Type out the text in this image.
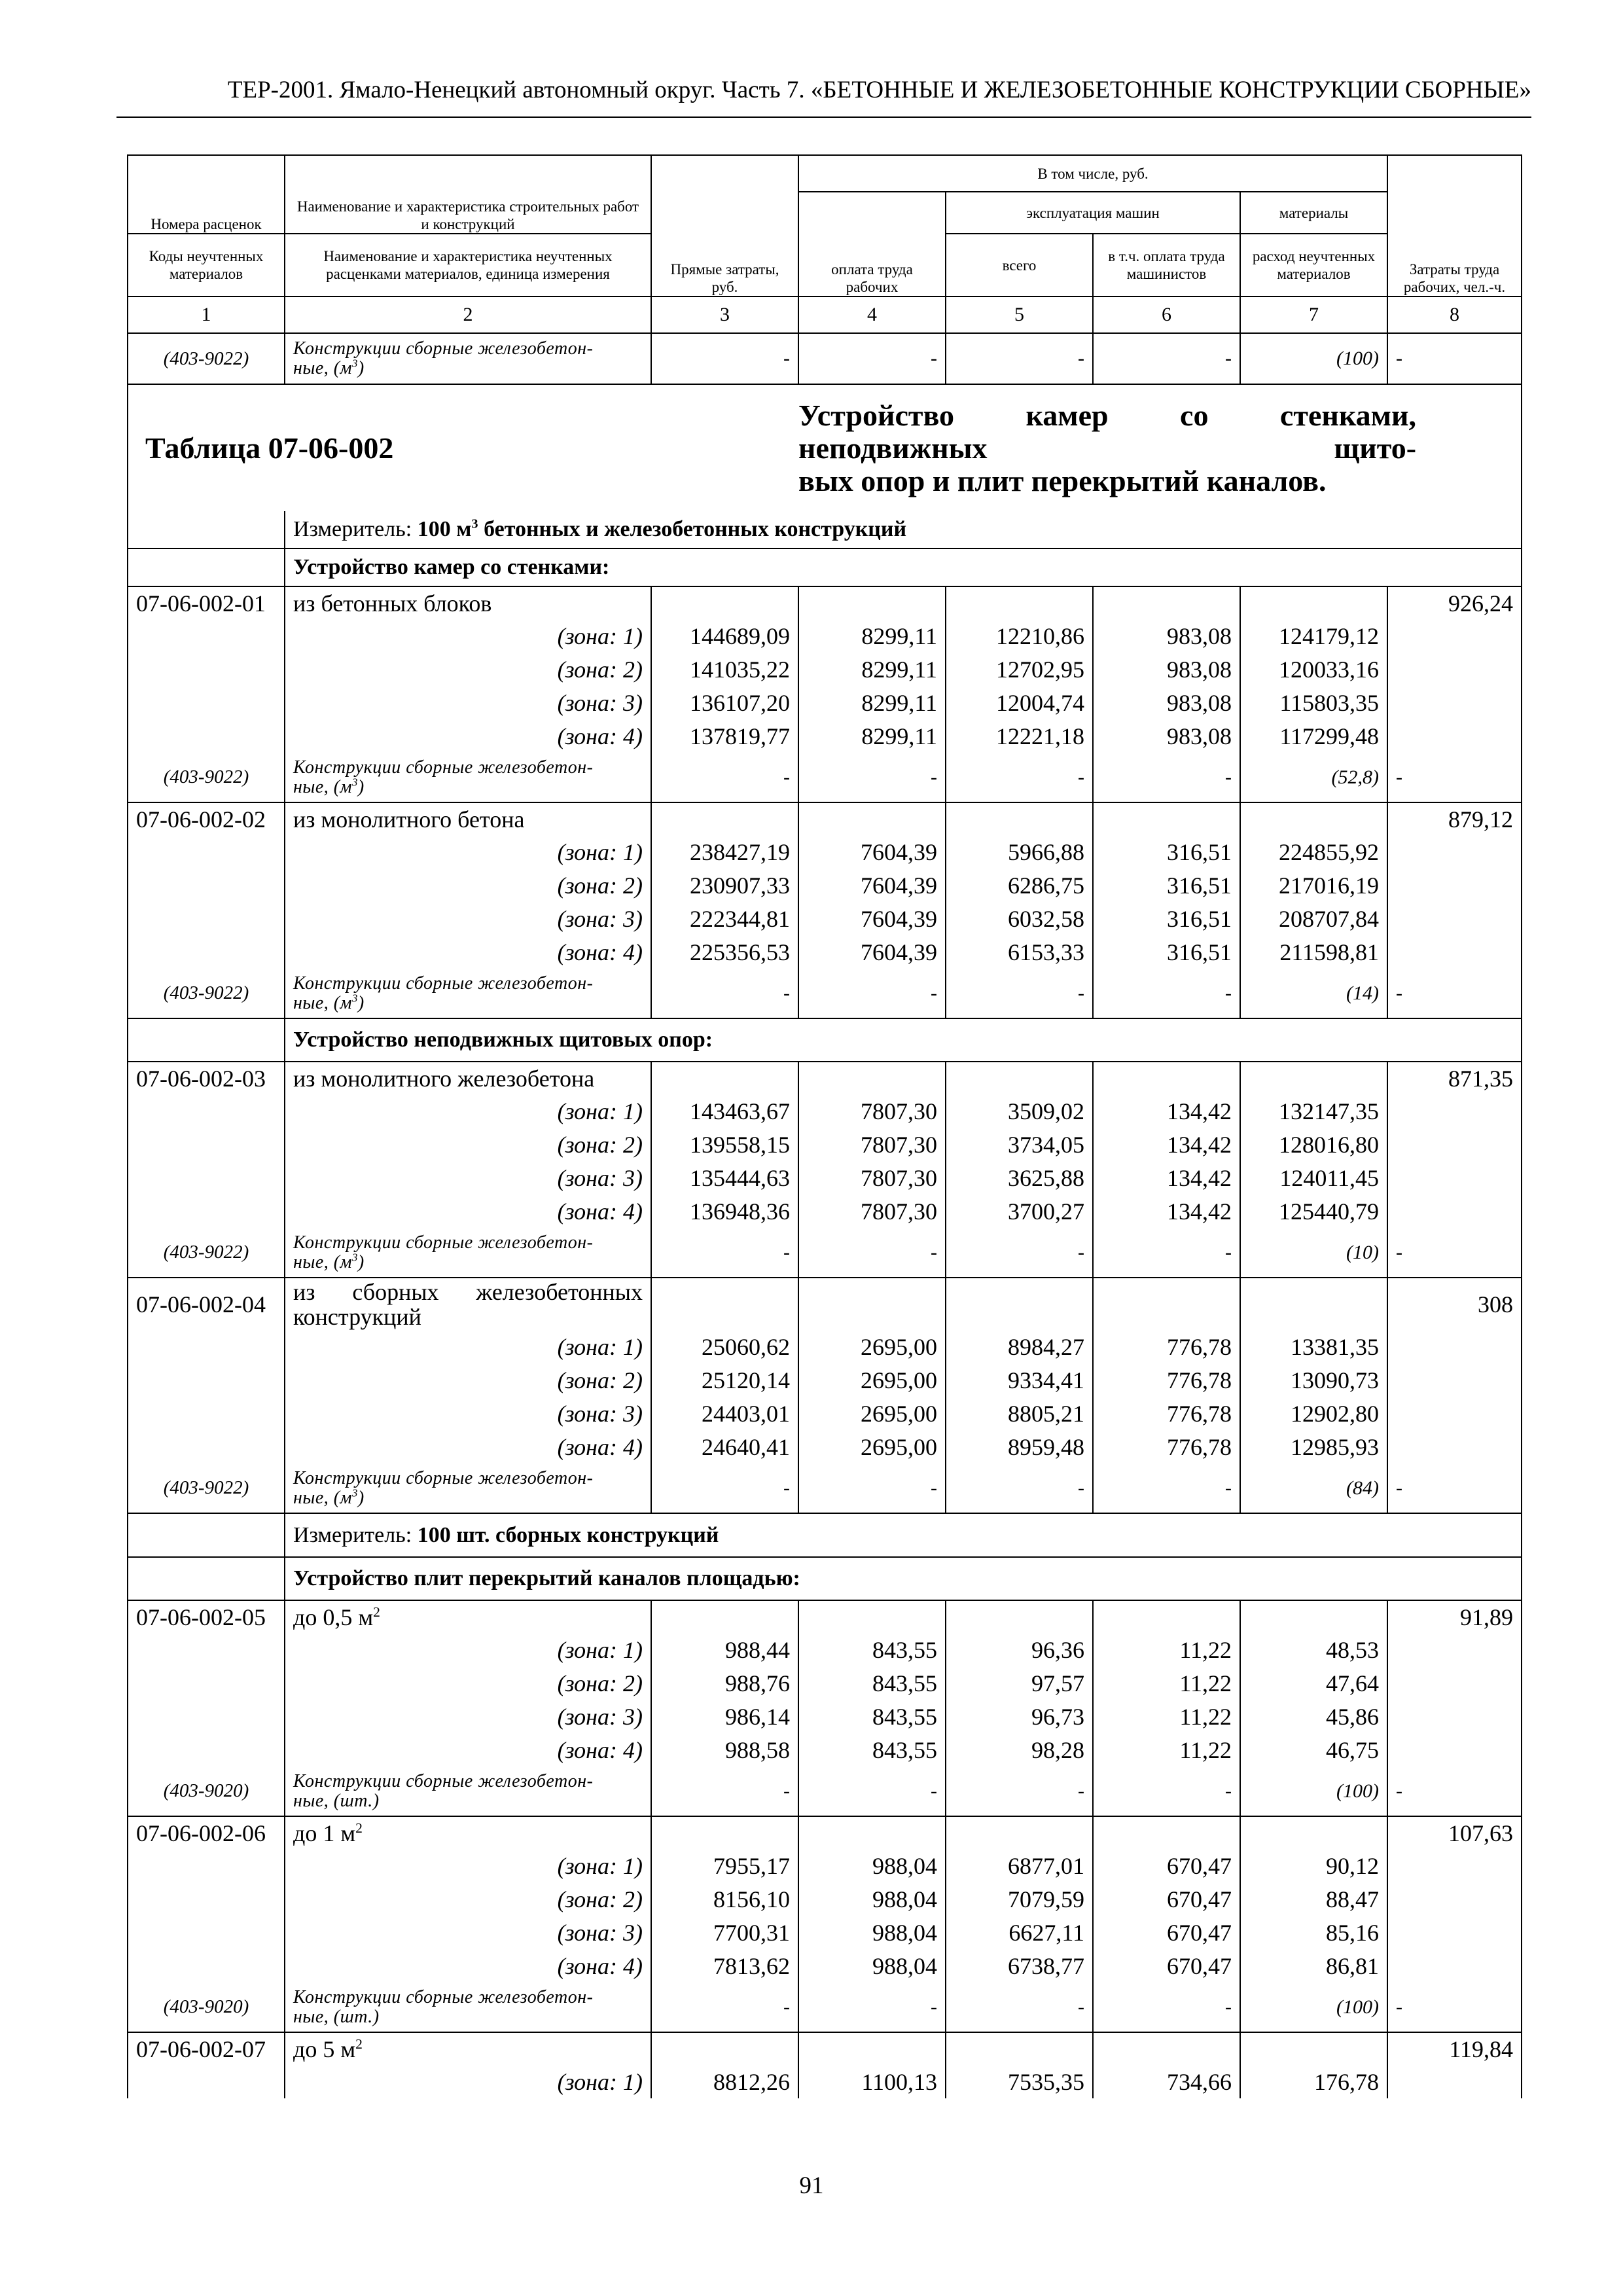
ТЕР-2001. Ямало-Ненецкий автономный округ. Часть 7. «БЕТОННЫЕ И ЖЕЛЕЗОБЕТОННЫЕ КОНСТРУКЦИИ СБОРНЫЕ»
Номера расценок	Наименование и характеристика строительных работ и конструкций	Прямые затраты, руб.	В том числе, руб.				Затраты труда рабочих, чел.-ч.
			оплата труда рабочих	эксплуатация машин		материалы	
Коды неучтенных материалов	Наименование и характеристика неучтенных расценками материалов, единица измерения			всего	в т.ч. оплата труда машинистов	расход неучтенных материалов	
1	2	3	4	5	6	7	8
(403-9022)	Конструкции сборные железобетон-
ные, $(м^3)$	-	-	-	-	(100)	-
Таблица 07-06-002				Устройство камер со стенками, неподвижных щито-

вых опор и плит перекрытий каналов.			

	Измеритель: 100 $м^3$ бетонных и железобетонных конструкций						
	Устройство камер со стенками:						
07-06-002-01	из бетонных блоков						926,24
	(зона: 1)	144689,09	8299,11	12210,86	983,08	124179,12	
	(зона: 2)	141035,22	8299,11	12702,95	983,08	120033,16	
	(зона: 3)	136107,20	8299,11	12004,74	983,08	115803,35	
	(зона: 4)	137819,77	8299,11	12221,18	983,08	117299,48	
(403-9022)	Конструкции сборные железобетон-
ные, $(м^3)$	-	-	-	-	(52,8)	-
07-06-002-02	из монолитного бетона						879,12
	(зона: 1)	238427,19	7604,39	5966,88	316,51	224855,92	
	(зона: 2)	230907,33	7604,39	6286,75	316,51	217016,19	
	(зона: 3)	222344,81	7604,39	6032,58	316,51	208707,84	
	(зона: 4)	225356,53	7604,39	6153,33	316,51	211598,81	
(403-9022)	Конструкции сборные железобетон-
ные, $(м^3)$	-	-	-	-	(14)	-
	Устройство неподвижных щитовых опор:						
07-06-002-03	из монолитного железобетона						871,35
	(зона: 1)	143463,67	7807,30	3509,02	134,42	132147,35	
	(зона: 2)	139558,15	7807,30	3734,05	134,42	128016,80	
	(зона: 3)	135444,63	7807,30	3625,88	134,42	124011,45	
	(зона: 4)	136948,36	7807,30	3700,27	134,42	125440,79	
(403-9022)	Конструкции сборные железобетон-
ные, $(м^3)$	-	-	-	-	(10)	-
07-06-002-04	из сборных железобетонных

конструкций						308
	(зона: 1)	25060,62	2695,00	8984,27	776,78	13381,35	
	(зона: 2)	25120,14	2695,00	9334,41	776,78	13090,73	
	(зона: 3)	24403,01	2695,00	8805,21	776,78	12902,80	
	(зона: 4)	24640,41	2695,00	8959,48	776,78	12985,93	
(403-9022)	Конструкции сборные железобетон-
ные, $(м^3)$	-	-	-	-	(84)	-
	Измеритель: 100 шт. сборных конструкций						
	Устройство плит перекрытий каналов площадью:						
07-06-002-05	до 0,5 $м^2$						91,89
	(зона: 1)	988,44	843,55	96,36	11,22	48,53	
	(зона: 2)	988,76	843,55	97,57	11,22	47,64	
	(зона: 3)	986,14	843,55	96,73	11,22	45,86	
	(зона: 4)	988,58	843,55	98,28	11,22	46,75	
(403-9020)	Конструкции сборные железобетон-
ные, (шт.)	-	-	-	-	(100)	-
07-06-002-06	до 1 $м^2$						107,63
	(зона: 1)	7955,17	988,04	6877,01	670,47	90,12	
	(зона: 2)	8156,10	988,04	7079,59	670,47	88,47	
	(зона: 3)	7700,31	988,04	6627,11	670,47	85,16	
	(зона: 4)	7813,62	988,04	6738,77	670,47	86,81	
(403-9020)	Конструкции сборные железобетон-
ные, (шт.)	-	-	-	-	(100)	-
07-06-002-07	до 5 $м^2$						119,84
	(зона: 1)	8812,26	1100,13	7535,35	734,66	176,78	
91
